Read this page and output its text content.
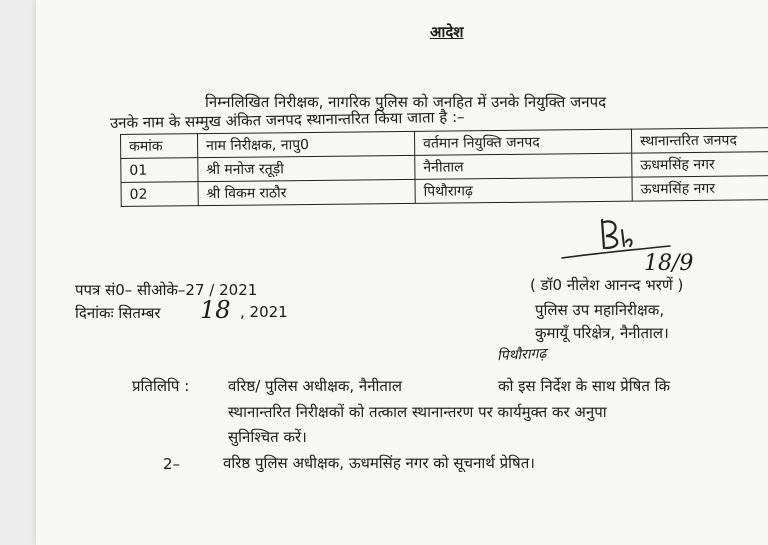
आदेश
निम्नलिखित निरीक्षक, नागरिक पुलिस को जनहित में उनके नियुक्ति जनपद
उनके नाम के सम्मुख अंकित जनपद स्थानान्तरित किया जाता है :–
कमांक	नाम निरीक्षक, नापु0	वर्तमान नियुक्ति जनपद	स्थानान्तरित जनपद
01	श्री मनोज रतूड़ी	नैनीताल	ऊधमसिंह नगर
02	श्री विकम राठौर	पिथौरागढ़	ऊधमसिंह नगर
18/9
पपत्र सं0– सीओके–27 / 2021
दिनांकः सितम्बर 18 , 2021
( डॉ0 नीलेश आनन्द भरणें )
पुलिस उप महानिरीक्षक,
कुमायूँ परिक्षेत्र, नैनीताल।
प्रतिलिपि :	वरिष्ठ/ पुलिस अधीक्षक, नैनीताल
पिथौरागढ़
को इस निर्देश के साथ प्रेषित कि
स्थानान्तरित निरीक्षकों को तत्काल स्थानान्तरण पर कार्यमुक्त कर अनुपा
सुनिश्चित करें।
2–	वरिष्ठ पुलिस अधीक्षक, ऊधमसिंह नगर को सूचनार्थ प्रेषित।
